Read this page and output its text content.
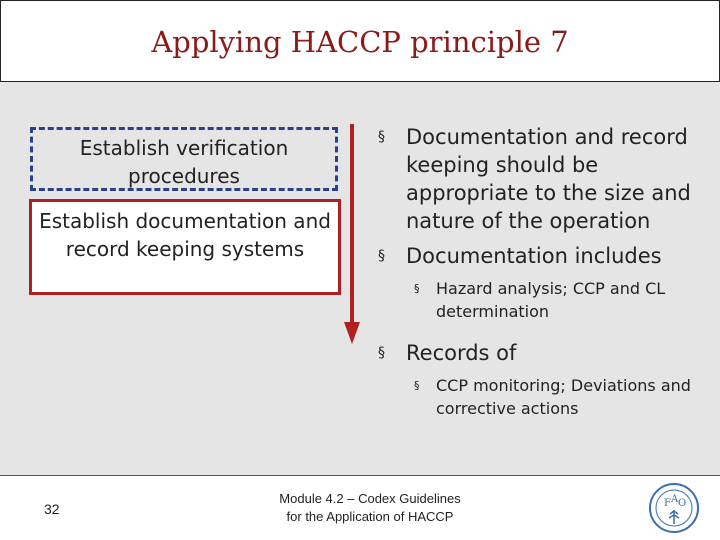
Applying HACCP principle 7
Establish verification procedures
Establish documentation and record keeping systems
§ Documentation and record keeping should be appropriate to the size and nature of the operation
§ Documentation includes
§ Hazard analysis; CCP and CL determination
§ Records of
§ CCP monitoring; Deviations and corrective actions
32
Module 4.2 – Codex Guidelines
for the Application of HACCP
F A O
